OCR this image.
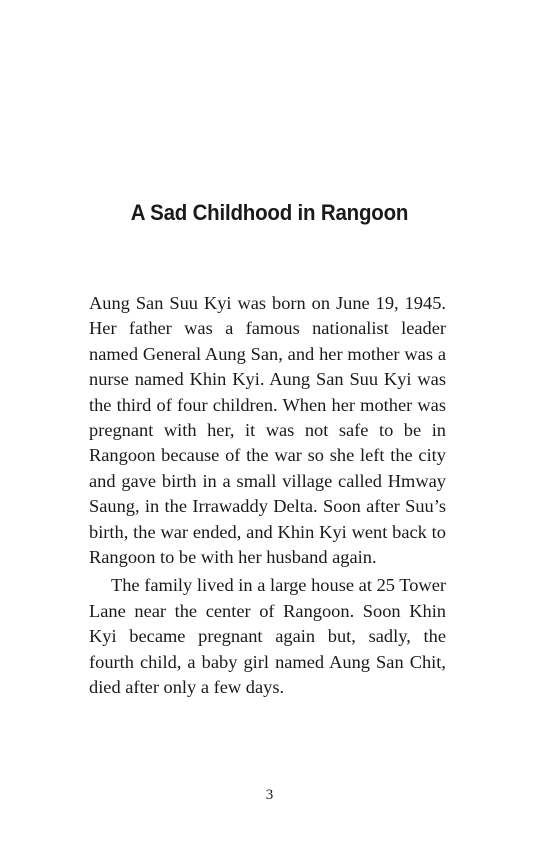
A Sad Childhood in Rangoon

Aung San Suu Kyi was born on June 19, 1945. Her father was a famous nationalist leader named General Aung San, and her mother was a nurse named Khin Kyi. Aung San Suu Kyi was the third of four children. When her mother was pregnant with her, it was not safe to be in Rangoon because of the war so she left the city and gave birth in a small village called Hmway Saung, in the Irrawaddy Delta. Soon after Suu’s birth, the war ended, and Khin Kyi went back to Rangoon to be with her husband again.

The family lived in a large house at 25 Tower Lane near the center of Rangoon. Soon Khin Kyi became pregnant again but, sadly, the fourth child, a baby girl named Aung San Chit, died after only a few days.

3
